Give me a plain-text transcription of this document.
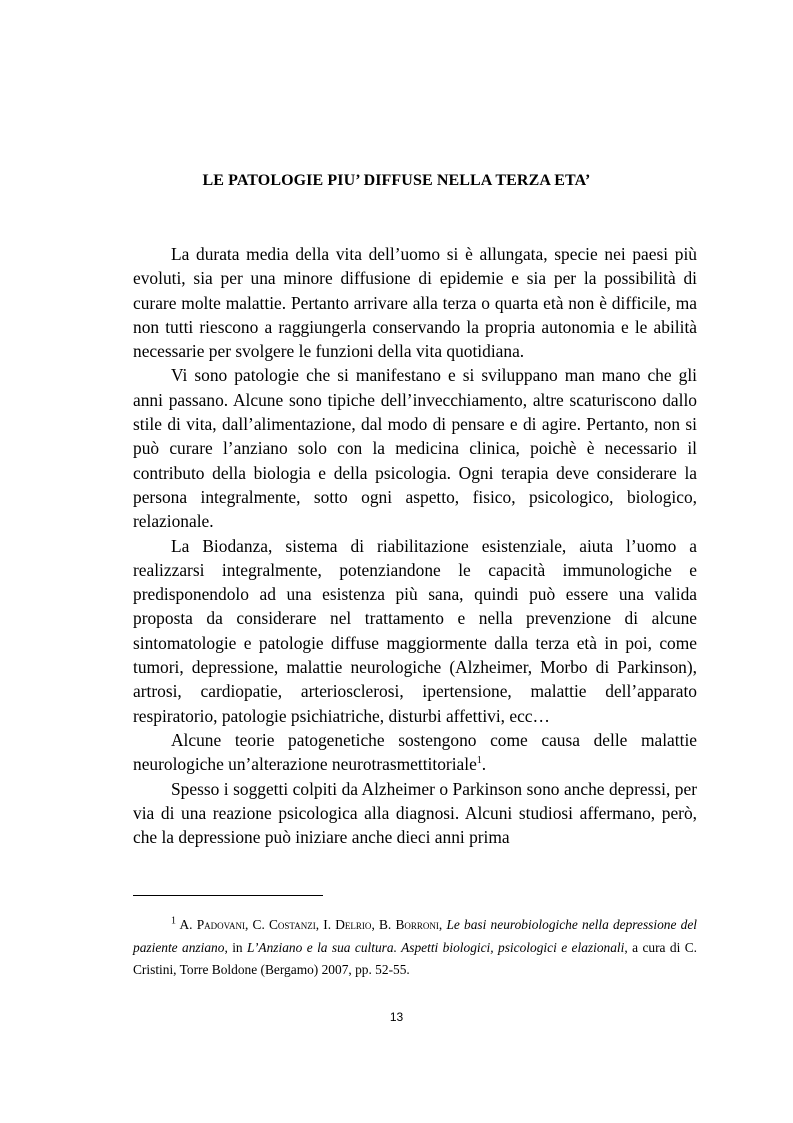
LE PATOLOGIE PIU’ DIFFUSE NELLA TERZA ETA’

La durata media della vita dell’uomo si è allungata, specie nei paesi più evoluti, sia per una minore diffusione di epidemie e sia per la possibilità di curare molte malattie. Pertanto arrivare alla terza o quarta età non è difficile, ma non tutti riescono a raggiungerla conservando la propria autonomia e le abilità necessarie per svolgere le funzioni della vita quotidiana.

Vi sono patologie che si manifestano e si sviluppano man mano che gli anni passano. Alcune sono tipiche dell’invecchiamento, altre scaturiscono dallo stile di vita, dall’alimentazione, dal modo di pensare e di agire. Pertanto, non si può curare l’anziano solo con la medicina clinica, poichè è necessario il contributo della biologia e della psicologia. Ogni terapia deve considerare la persona integralmente, sotto ogni aspetto, fisico, psicologico, biologico, relazionale.

La Biodanza, sistema di riabilitazione esistenziale, aiuta l’uomo a realizzarsi integralmente, potenziandone le capacità immunologiche e predisponendolo ad una esistenza più sana, quindi può essere una valida proposta da considerare nel trattamento e nella prevenzione di alcune sintomatologie e patologie diffuse maggiormente dalla terza età in poi, come tumori, depressione, malattie neurologiche (Alzheimer, Morbo di Parkinson), artrosi, cardiopatie, arteriosclerosi, ipertensione, malattie dell’apparato respiratorio, patologie psichiatriche, disturbi affettivi, ecc…

Alcune teorie patogenetiche sostengono come causa delle malattie neurologiche un’alterazione neurotrasmettitoriale$^1$.

Spesso i soggetti colpiti da Alzheimer o Parkinson sono anche depressi, per via di una reazione psicologica alla diagnosi. Alcuni studiosi affermano, però, che la depressione può iniziare anche dieci anni prima

$^1$ A. Padovani, C. Costanzi, I. Delrio, B. Borroni, Le basi neurobiologiche nella depressione del paziente anziano, in L’Anziano e la sua cultura. Aspetti biologici, psicologici e elazionali, a cura di C. Cristini, Torre Boldone (Bergamo) 2007, pp. 52-55.
13
